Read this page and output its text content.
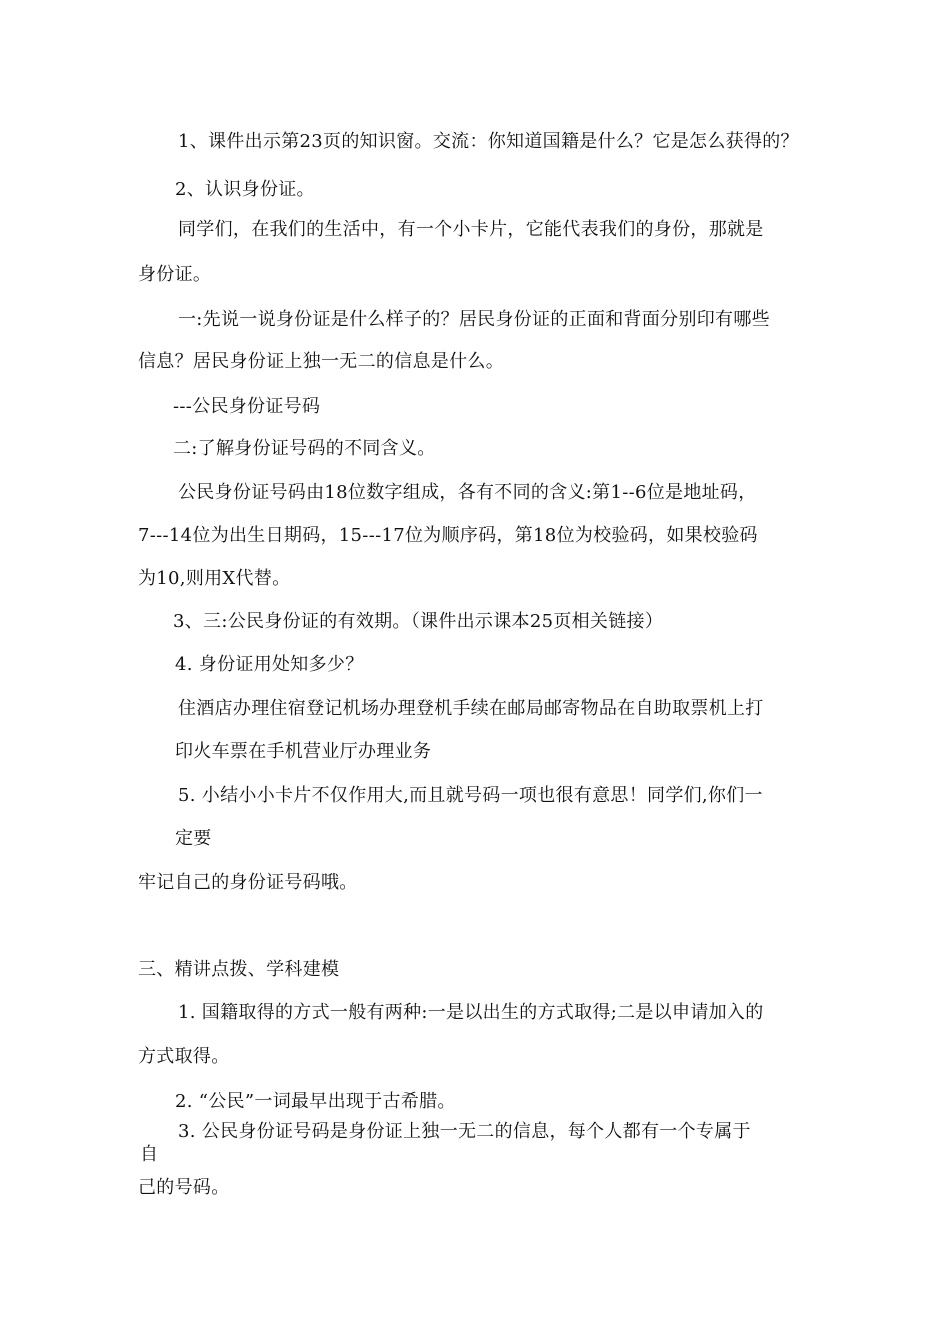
1、课件出示第23页的知识窗。交流：你知道国籍是什么？它是怎么获得的？
2、认识身份证。
同学们，在我们的生活中，有一个小卡片，它能代表我们的身份，那就是
身份证。
一:先说一说身份证是什么样子的？居民身份证的正面和背面分别印有哪些
信息？居民身份证上独一无二的信息是什么。
---公民身份证号码
二:了解身份证号码的不同含义。
公民身份证号码由18位数字组成，各有不同的含义:第1--6位是地址码，
7---14位为出生日期码，15---17位为顺序码，第18位为校验码，如果校验码
为10,则用X代替。
3、三:公民身份证的有效期。（课件出示课本25页相关链接）
4. 身份证用处知多少？
住酒店办理住宿登记机场办理登机手续在邮局邮寄物品在自助取票机上打
印火车票在手机营业厅办理业务
5. 小结小小卡片不仅作用大,而且就号码一项也很有意思！同学们,你们一
定要
牢记自己的身份证号码哦。
三、精讲点拨、学科建模
1. 国籍取得的方式一般有两种:一是以出生的方式取得;二是以申请加入的
方式取得。
2. “公民”一词最早出现于古希腊。
3. 公民身份证号码是身份证上独一无二的信息，每个人都有一个专属于
自
己的号码。
